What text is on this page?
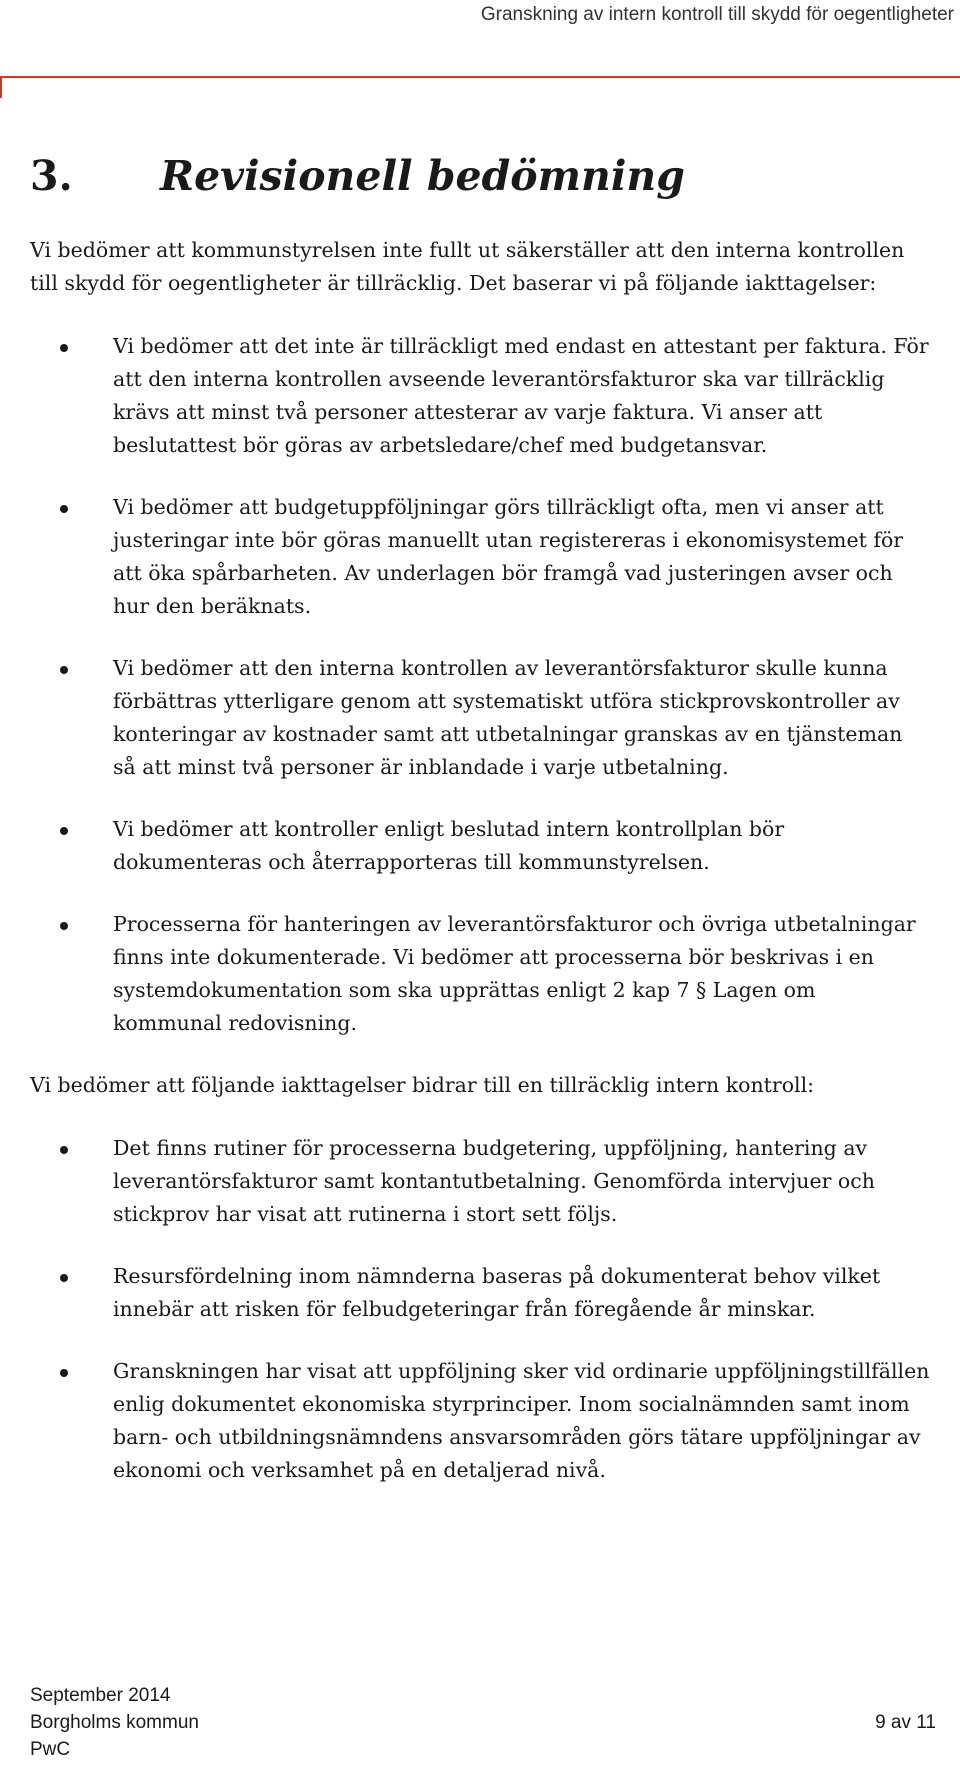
Granskning av intern kontroll till skydd för oegentligheter
3. Revisionell bedömning

Vi bedömer att kommunstyrelsen inte fullt ut säkerställer att den interna kontrollen till skydd för oegentligheter är tillräcklig. Det baserar vi på följande iakttagelser:

Vi bedömer att det inte är tillräckligt med endast en attestant per faktura. För att den interna kontrollen avseende leverantörsfakturor ska var tillräcklig krävs att minst två personer attesterar av varje faktura. Vi anser att beslutattest bör göras av arbetsledare/chef med budgetansvar.
Vi bedömer att budgetuppföljningar görs tillräckligt ofta, men vi anser att justeringar inte bör göras manuellt utan registereras i ekonomisystemet för att öka spårbarheten. Av underlagen bör framgå vad justeringen avser och hur den beräknats.
Vi bedömer att den interna kontrollen av leverantörsfakturor skulle kunna förbättras ytterligare genom att systematiskt utföra stickprovskontroller av konteringar av kostnader samt att utbetalningar granskas av en tjänsteman så att minst två personer är inblandade i varje utbetalning.
Vi bedömer att kontroller enligt beslutad intern kontrollplan bör dokumenteras och återrapporteras till kommunstyrelsen.
Processerna för hanteringen av leverantörsfakturor och övriga utbetalningar finns inte dokumenterade. Vi bedömer att processerna bör beskrivas i en systemdokumentation som ska upprättas enligt 2 kap 7 § Lagen om kommunal redovisning.

Vi bedömer att följande iakttagelser bidrar till en tillräcklig intern kontroll:

Det finns rutiner för processerna budgetering, uppföljning, hantering av leverantörsfakturor samt kontantutbetalning. Genomförda intervjuer och stickprov har visat att rutinerna i stort sett följs.
Resursfördelning inom nämnderna baseras på dokumenterat behov vilket innebär att risken för felbudgeteringar från föregående år minskar.
Granskningen har visat att uppföljning sker vid ordinarie uppföljningstillfällen enlig dokumentet ekonomiska styrprinciper. Inom socialnämnden samt inom barn- och utbildningsnämndens ansvarsområden görs tätare uppföljningar av ekonomi och verksamhet på en detaljerad nivå.
September 2014
Borgholms kommun
PwC
9 av 11
